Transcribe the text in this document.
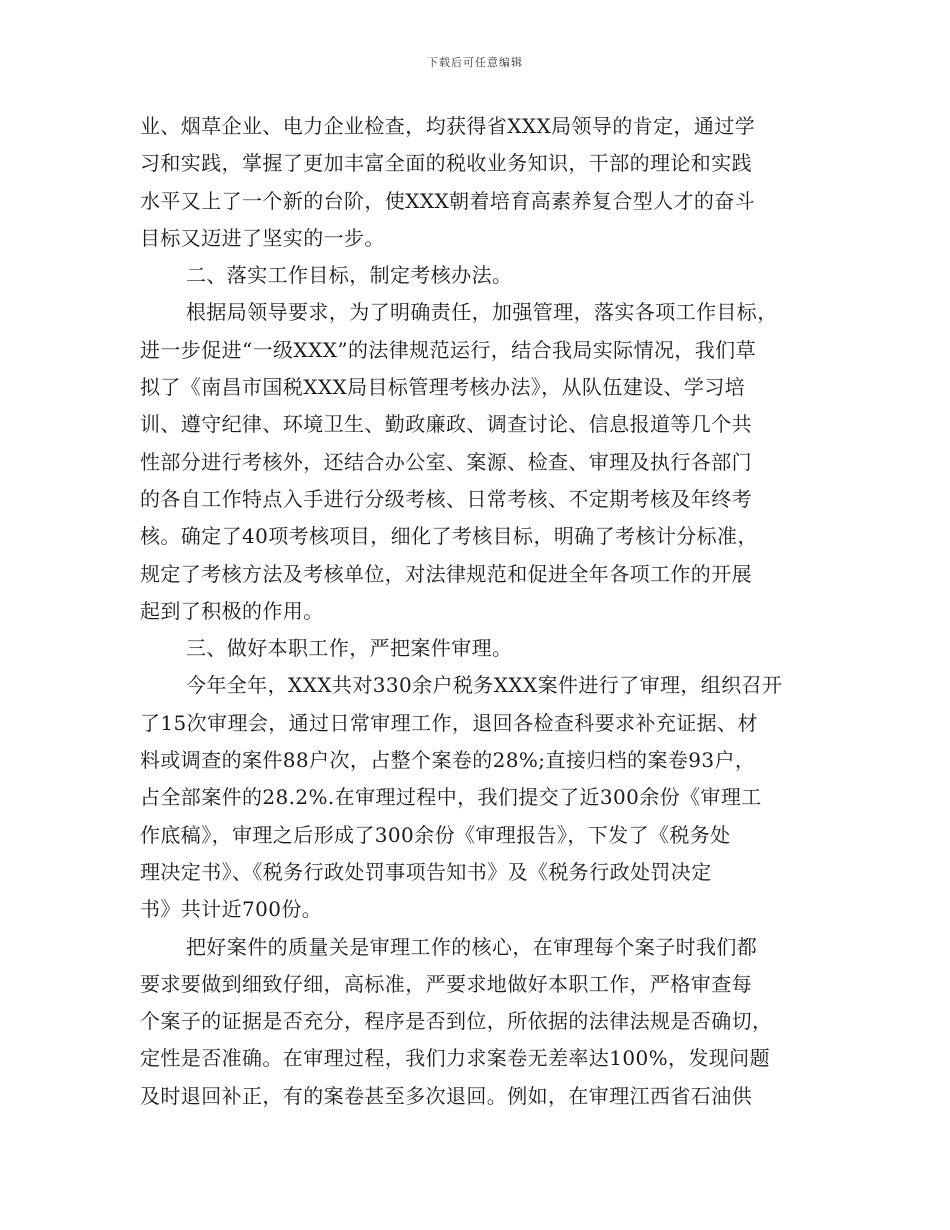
下载后可任意编辑
业、烟草企业、电力企业检查，均获得省XXX局领导的肯定，通过学
习和实践，掌握了更加丰富全面的税收业务知识，干部的理论和实践
水平又上了一个新的台阶，使XXX朝着培育高素养复合型人才的奋斗
目标又迈进了坚实的一步。
二、落实工作目标，制定考核办法。
根据局领导要求，为了明确责任，加强管理，落实各项工作目标，
进一步促进“一级XXX”的法律规范运行，结合我局实际情况，我们草
拟了《南昌市国税XXX局目标管理考核办法》，从队伍建设、学习培
训、遵守纪律、环境卫生、勤政廉政、调查讨论、信息报道等几个共
性部分进行考核外，还结合办公室、案源、检查、审理及执行各部门
的各自工作特点入手进行分级考核、日常考核、不定期考核及年终考
核。确定了40项考核项目，细化了考核目标，明确了考核计分标准，
规定了考核方法及考核单位，对法律规范和促进全年各项工作的开展
起到了积极的作用。
三、做好本职工作，严把案件审理。
今年全年，XXX共对330余户税务XXX案件进行了审理，组织召开
了15次审理会，通过日常审理工作，退回各检查科要求补充证据、材
料或调查的案件88户次，占整个案卷的28%;直接归档的案卷93户，
占全部案件的28.2%.在审理过程中，我们提交了近300余份《审理工
作底稿》，审理之后形成了300余份《审理报告》，下发了《税务处
理决定书》、《税务行政处罚事项告知书》及《税务行政处罚决定
书》共计近700份。
把好案件的质量关是审理工作的核心，在审理每个案子时我们都
要求要做到细致仔细，高标准，严要求地做好本职工作，严格审查每
个案子的证据是否充分，程序是否到位，所依据的法律法规是否确切，
定性是否准确。在审理过程，我们力求案卷无差率达100%，发现问题
及时退回补正，有的案卷甚至多次退回。例如，在审理江西省石油供
